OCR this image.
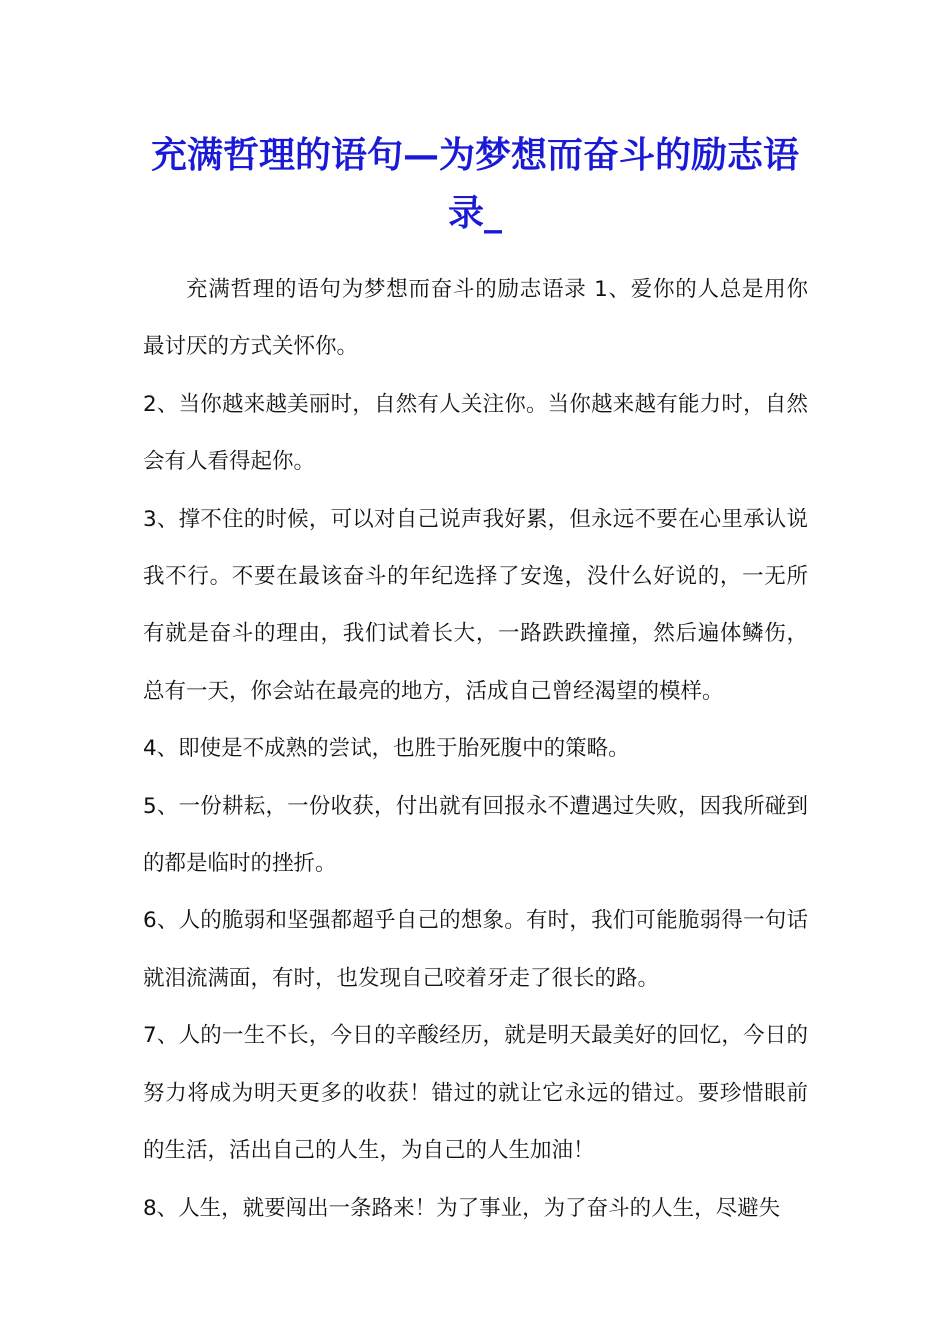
充满哲理的语句—为梦想而奋斗的励志语录_

充满哲理的语句为梦想而奋斗的励志语录 1、爱你的人总是用你最讨厌的方式关怀你。

2、当你越来越美丽时，自然有人关注你。当你越来越有能力时，自然会有人看得起你。

3、撑不住的时候，可以对自己说声我好累，但永远不要在心里承认说我不行。不要在最该奋斗的年纪选择了安逸，没什么好说的，一无所有就是奋斗的理由，我们试着长大，一路跌跌撞撞，然后遍体鳞伤，总有一天，你会站在最亮的地方，活成自己曾经渴望的模样。

4、即使是不成熟的尝试，也胜于胎死腹中的策略。

5、一份耕耘，一份收获，付出就有回报永不遭遇过失败，因我所碰到的都是临时的挫折。

6、人的脆弱和坚强都超乎自己的想象。有时，我们可能脆弱得一句话就泪流满面，有时，也发现自己咬着牙走了很长的路。

7、人的一生不长，今日的辛酸经历，就是明天最美好的回忆，今日的努力将成为明天更多的收获！错过的就让它永远的错过。要珍惜眼前的生活，活出自己的人生，为自己的人生加油！

8、人生，就要闯出一条路来！为了事业，为了奋斗的人生，尽避失
